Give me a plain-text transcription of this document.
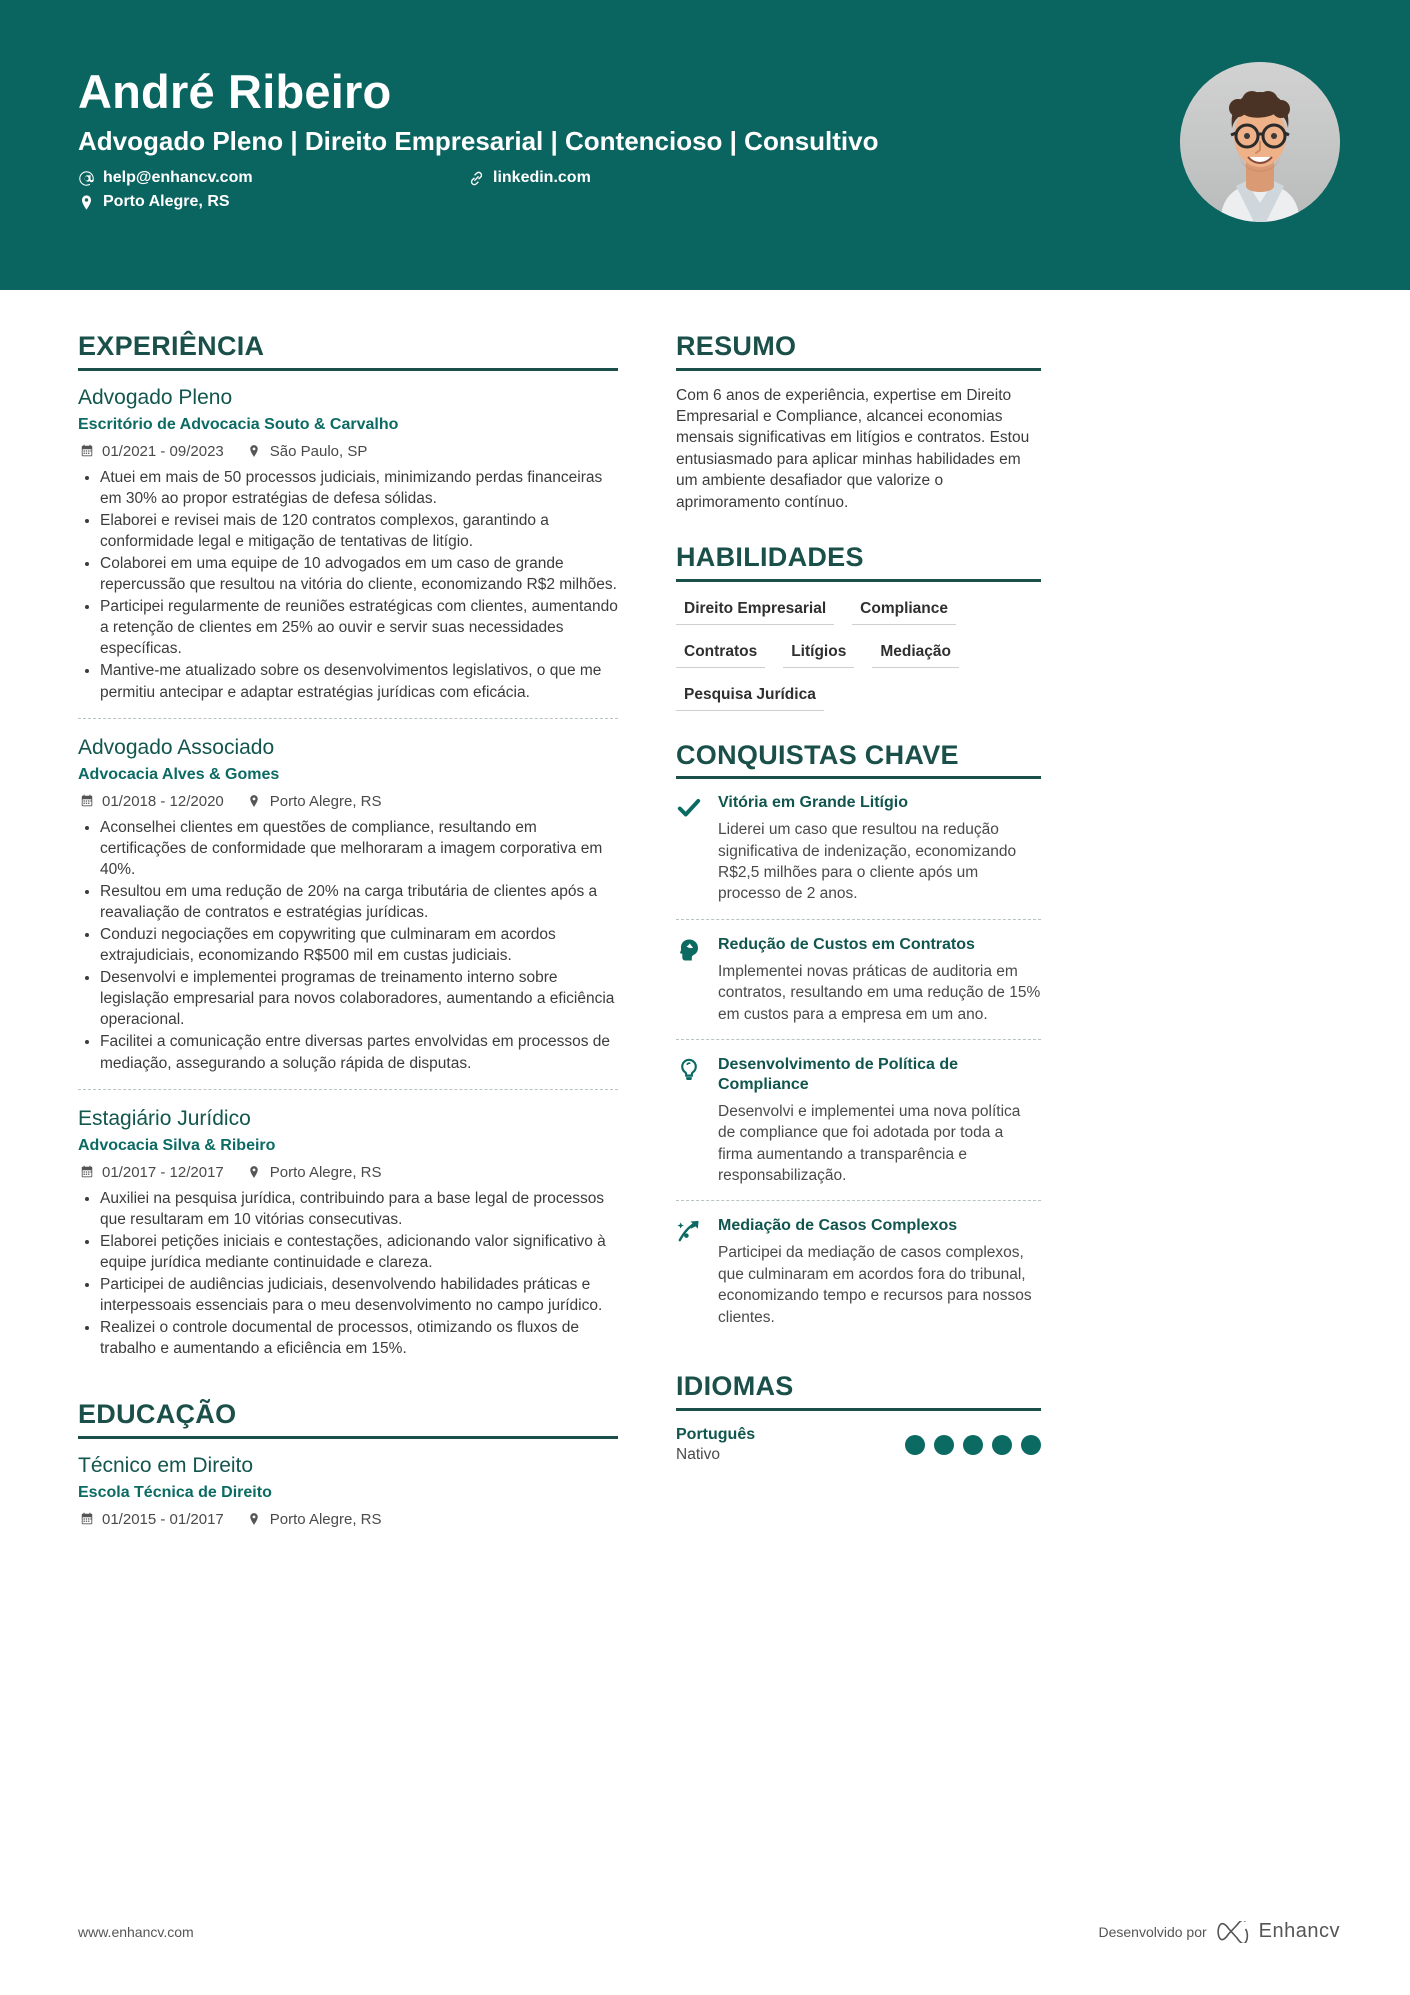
André Ribeiro
Advogado Pleno | Direito Empresarial | Contencioso | Consultivo
help@enhancv.com	linkedin.com
Porto Alegre, RS
EXPERIÊNCIA
Advogado Pleno
Escritório de Advocacia Souto & Carvalho
01/2021 - 09/2023	São Paulo, SP
Atuei em mais de 50 processos judiciais, minimizando perdas financeiras em 30% ao propor estratégias de defesa sólidas.
Elaborei e revisei mais de 120 contratos complexos, garantindo a conformidade legal e mitigação de tentativas de litígio.
Colaborei em uma equipe de 10 advogados em um caso de grande repercussão que resultou na vitória do cliente, economizando R$2 milhões.
Participei regularmente de reuniões estratégicas com clientes, aumentando a retenção de clientes em 25% ao ouvir e servir suas necessidades específicas.
Mantive-me atualizado sobre os desenvolvimentos legislativos, o que me permitiu antecipar e adaptar estratégias jurídicas com eficácia.
Advogado Associado
Advocacia Alves & Gomes
01/2018 - 12/2020	Porto Alegre, RS
Aconselhei clientes em questões de compliance, resultando em certificações de conformidade que melhoraram a imagem corporativa em 40%.
Resultou em uma redução de 20% na carga tributária de clientes após a reavaliação de contratos e estratégias jurídicas.
Conduzi negociações em copywriting que culminaram em acordos extrajudiciais, economizando R$500 mil em custas judiciais.
Desenvolvi e implementei programas de treinamento interno sobre legislação empresarial para novos colaboradores, aumentando a eficiência operacional.
Facilitei a comunicação entre diversas partes envolvidas em processos de mediação, assegurando a solução rápida de disputas.
Estagiário Jurídico
Advocacia Silva & Ribeiro
01/2017 - 12/2017	Porto Alegre, RS
Auxiliei na pesquisa jurídica, contribuindo para a base legal de processos que resultaram em 10 vitórias consecutivas.
Elaborei petições iniciais e contestações, adicionando valor significativo à equipe jurídica mediante continuidade e clareza.
Participei de audiências judiciais, desenvolvendo habilidades práticas e interpessoais essenciais para o meu desenvolvimento no campo jurídico.
Realizei o controle documental de processos, otimizando os fluxos de trabalho e aumentando a eficiência em 15%.
EDUCAÇÃO
Técnico em Direito
Escola Técnica de Direito
01/2015 - 01/2017	Porto Alegre, RS
RESUMO
Com 6 anos de experiência, expertise em Direito Empresarial e Compliance, alcancei economias mensais significativas em litígios e contratos. Estou entusiasmado para aplicar minhas habilidades em um ambiente desafiador que valorize o aprimoramento contínuo.
HABILIDADES
Direito Empresarial	Compliance
Contratos	Litígios	Mediação
Pesquisa Jurídica
CONQUISTAS CHAVE
Vitória em Grande Litígio
Liderei um caso que resultou na redução significativa de indenização, economizando R$2,5 milhões para o cliente após um processo de 2 anos.
Redução de Custos em Contratos
Implementei novas práticas de auditoria em contratos, resultando em uma redução de 15% em custos para a empresa em um ano.
Desenvolvimento de Política de Compliance
Desenvolvi e implementei uma nova política de compliance que foi adotada por toda a firma aumentando a transparência e responsabilização.
Mediação de Casos Complexos
Participei da mediação de casos complexos, que culminaram em acordos fora do tribunal, economizando tempo e recursos para nossos clientes.
IDIOMAS
Português
Nativo
www.enhancv.com	Desenvolvido por	Enhancv
